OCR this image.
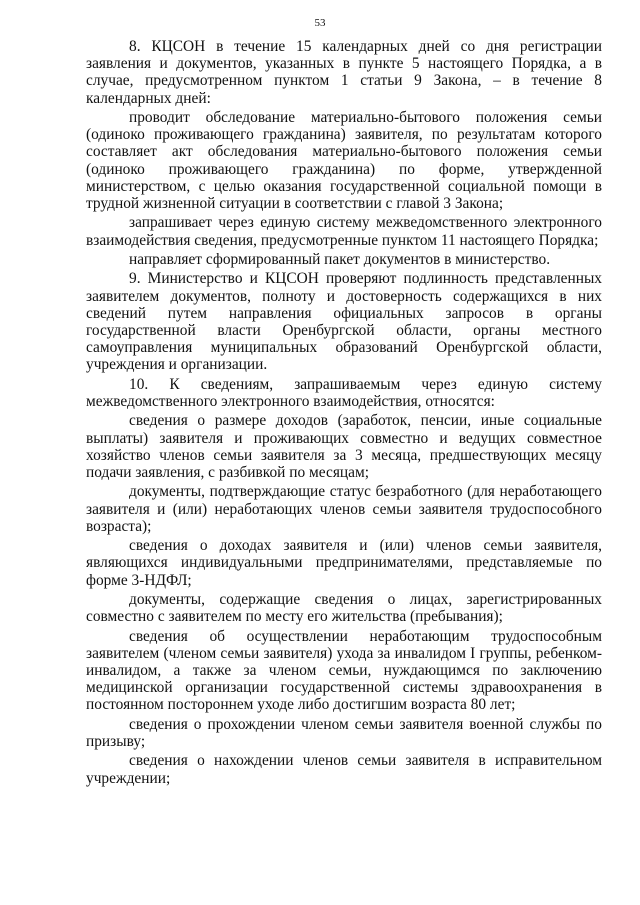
53

8. КЦСОН в течение 15 календарных дней со дня регистрации заявления и документов, указанных в пункте 5 настоящего Порядка, а в случае, предусмотренном пунктом 1 статьи 9 Закона, – в течение 8 календарных дней:

проводит обследование материально-бытового положения семьи (одиноко проживающего гражданина) заявителя, по результатам которого составляет акт обследования материально-бытового положения семьи (одиноко проживающего гражданина) по форме, утвержденной министерством, с целью оказания государственной социальной помощи в трудной жизненной ситуации в соответствии с главой 3 Закона;

запрашивает через единую систему межведомственного электронного взаимодействия сведения, предусмотренные пунктом 11 настоящего Порядка;

направляет сформированный пакет документов в министерство.

9. Министерство и КЦСОН проверяют подлинность представленных заявителем документов, полноту и достоверность содержащихся в них сведений путем направления официальных запросов в органы государственной власти Оренбургской области, органы местного самоуправления муниципальных образований Оренбургской области, учреждения и организации.

10. К сведениям, запрашиваемым через единую систему межведомственного электронного взаимодействия, относятся:

сведения о размере доходов (заработок, пенсии, иные социальные выплаты) заявителя и проживающих совместно и ведущих совместное хозяйство членов семьи заявителя за 3 месяца, предшествующих месяцу подачи заявления, с разбивкой по месяцам;

документы, подтверждающие статус безработного (для неработающего заявителя и (или) неработающих членов семьи заявителя трудоспособного возраста);

сведения о доходах заявителя и (или) членов семьи заявителя, являющихся индивидуальными предпринимателями, представляемые по форме 3-НДФЛ;

документы, содержащие сведения о лицах, зарегистрированных совместно с заявителем по месту его жительства (пребывания);

сведения об осуществлении неработающим трудоспособным заявителем (членом семьи заявителя) ухода за инвалидом I группы, ребенком-инвалидом, а также за членом семьи, нуждающимся по заключению медицинской организации государственной системы здравоохранения в постоянном постороннем уходе либо достигшим возраста 80 лет;

сведения о прохождении членом семьи заявителя военной службы по призыву;

сведения о нахождении членов семьи заявителя в исправительном учреждении;
